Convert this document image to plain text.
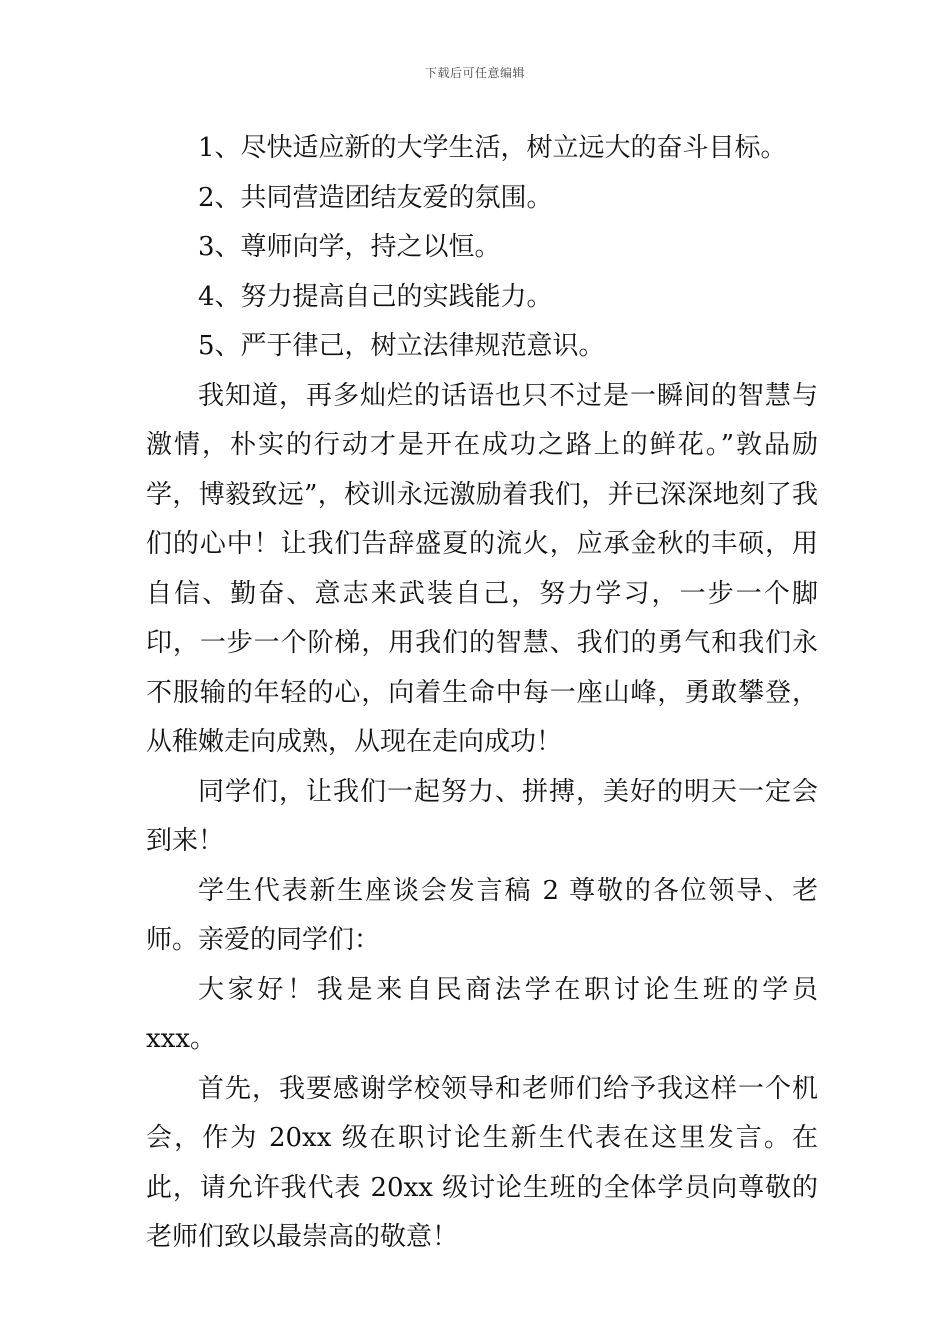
下载后可任意编辑

1、尽快适应新的大学生活，树立远大的奋斗目标。

2、共同营造团结友爱的氛围。

3、尊师向学，持之以恒。

4、努力提高自己的实践能力。

5、严于律己，树立法律规范意识。

我知道，再多灿烂的话语也只不过是一瞬间的智慧与激情，朴实的行动才是开在成功之路上的鲜花。”敦品励学，博毅致远”，校训永远激励着我们，并已深深地刻了我们的心中！让我们告辞盛夏的流火，应承金秋的丰硕，用自信、勤奋、意志来武装自己，努力学习，一步一个脚印，一步一个阶梯，用我们的智慧、我们的勇气和我们永不服输的年轻的心，向着生命中每一座山峰，勇敢攀登，从稚嫩走向成熟，从现在走向成功！

同学们，让我们一起努力、拼搏，美好的明天一定会到来！

学生代表新生座谈会发言稿 2 尊敬的各位领导、老师。亲爱的同学们：

大家好！我是来自民商法学在职讨论生班的学员 xxx。

首先，我要感谢学校领导和老师们给予我这样一个机会，作为 20xx 级在职讨论生新生代表在这里发言。在此，请允许我代表 20xx 级讨论生班的全体学员向尊敬的老师们致以最崇高的敬意！
